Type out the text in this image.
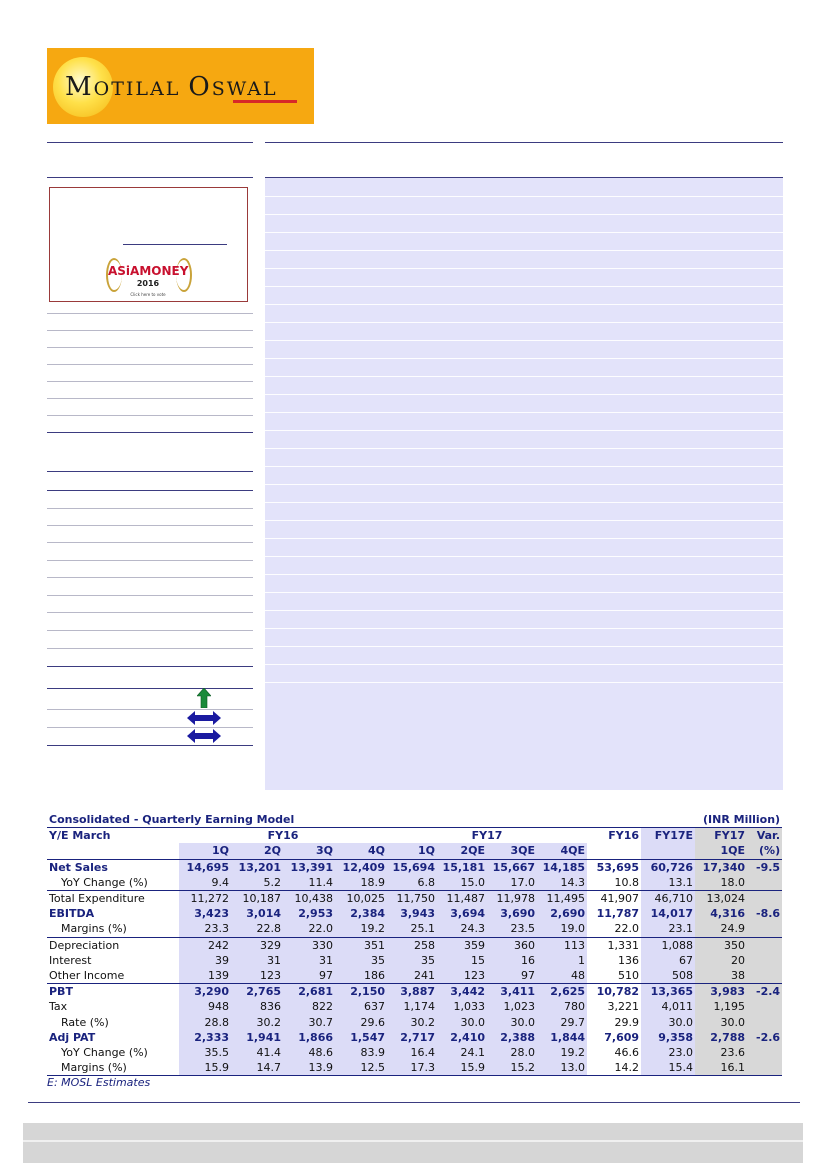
MOTILAL OSWAL
ASiAMONEY
2016
Click here to vote
Consolidated - Quarterly Earning Model								(INR Million)				
Y/E March	FY16				FY17				FY16	FY17E	FY17	Var.
	1Q	2Q	3Q	4Q	1Q	2QE	3QE	4QE			1QE	(%)
Net Sales	14,695	13,201	13,391	12,409	15,694	15,181	15,667	14,185	53,695	60,726	17,340	-9.5
YoY Change (%)	9.4	5.2	11.4	18.9	6.8	15.0	17.0	14.3	10.8	13.1	18.0	
Total Expenditure	11,272	10,187	10,438	10,025	11,750	11,487	11,978	11,495	41,907	46,710	13,024	
EBITDA	3,423	3,014	2,953	2,384	3,943	3,694	3,690	2,690	11,787	14,017	4,316	-8.6
Margins (%)	23.3	22.8	22.0	19.2	25.1	24.3	23.5	19.0	22.0	23.1	24.9	
Depreciation	242	329	330	351	258	359	360	113	1,331	1,088	350	
Interest	39	31	31	35	35	15	16	1	136	67	20	
Other Income	139	123	97	186	241	123	97	48	510	508	38	
PBT	3,290	2,765	2,681	2,150	3,887	3,442	3,411	2,625	10,782	13,365	3,983	-2.4
Tax	948	836	822	637	1,174	1,033	1,023	780	3,221	4,011	1,195	
Rate (%)	28.8	30.2	30.7	29.6	30.2	30.0	30.0	29.7	29.9	30.0	30.0	
Adj PAT	2,333	1,941	1,866	1,547	2,717	2,410	2,388	1,844	7,609	9,358	2,788	-2.6
YoY Change (%)	35.5	41.4	48.6	83.9	16.4	24.1	28.0	19.2	46.6	23.0	23.6	
Margins (%)	15.9	14.7	13.9	12.5	17.3	15.9	15.2	13.0	14.2	15.4	16.1	
E: MOSL Estimates
